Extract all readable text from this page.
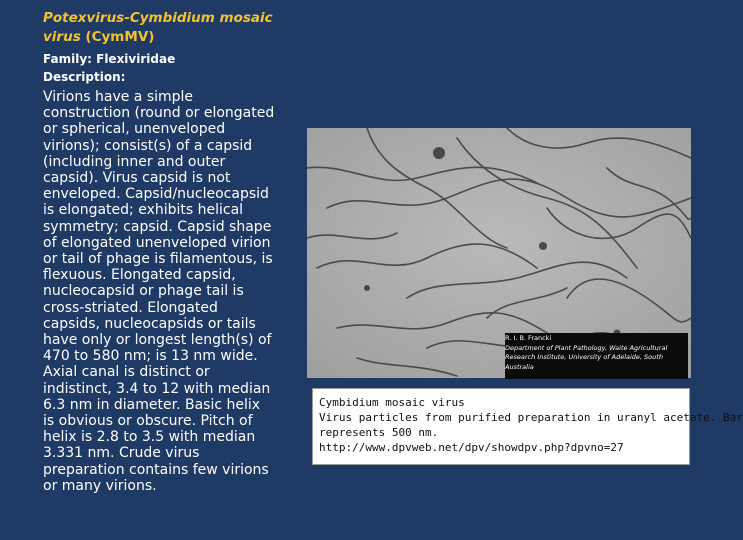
Potexvirus-Cymbidium mosaic virus (CymMV)
Family: Flexiviridae
Description:
Virions have a simple construction (round or elongated or spherical, unenveloped virions); consist(s) of a capsid (including inner and outer capsid). Virus capsid is not enveloped. Capsid/nucleocapsid is elongated; exhibits helical symmetry; capsid. Capsid shape of elongated unenveloped virion or tail of phage is filamentous, is flexuous. Elongated capsid, nucleocapsid or phage tail is cross-striated. Elongated capsids, nucleocapsids or tails have only or longest length(s) of 470 to 580 nm; is 13 nm wide. Axial canal is distinct or indistinct, 3.4 to 12 with median 6.3 nm in diameter. Basic helix is obvious or obscure. Pitch of helix is 2.8 to 3.5 with median 3.331 nm. Crude virus preparation contains few virions or many virions.
R. I. B. Francki
Department of Plant Pathology, Waite Agricultural
Research Institute, University of Adelaide, South
Australia
Cymbidium mosaic virus
Virus particles from purified preparation in uranyl acetate. Bar
represents 500 nm.
http://www.dpvweb.net/dpv/showdpv.php?dpvno=27
